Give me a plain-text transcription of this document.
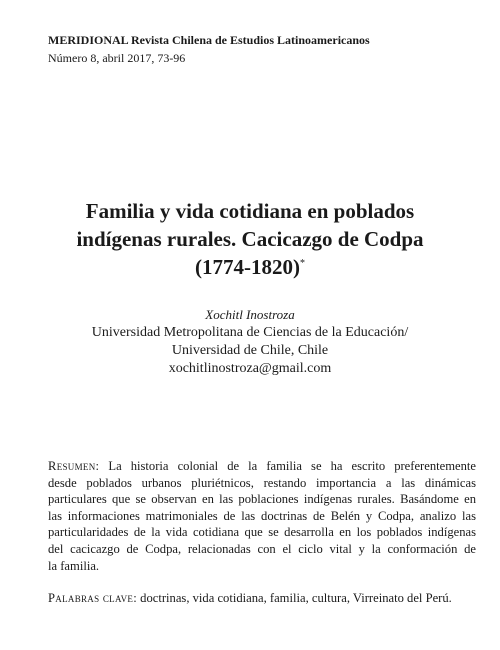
MERIDIONAL Revista Chilena de Estudios Latinoamericanos
Número 8, abril 2017, 73-96
Familia y vida cotidiana en poblados
indígenas rurales. Cacicazgo de Codpa
(1774-1820)*
Xochitl Inostroza
Universidad Metropolitana de Ciencias de la Educación/
Universidad de Chile, Chile
xochitlinostroza@gmail.com
Resumen: La historia colonial de la familia se ha escrito preferentemente
desde poblados urbanos pluriétnicos, restando importancia a las dinámicas
particulares que se observan en las poblaciones indígenas rurales. Basándome en
las informaciones matrimoniales de las doctrinas de Belén y Codpa, analizo las
particularidades de la vida cotidiana que se desarrolla en los poblados indígenas
del cacicazgo de Codpa, relacionadas con el ciclo vital y la conformación de
la familia.
Palabras clave: doctrinas, vida cotidiana, familia, cultura, Virreinato del Perú.
